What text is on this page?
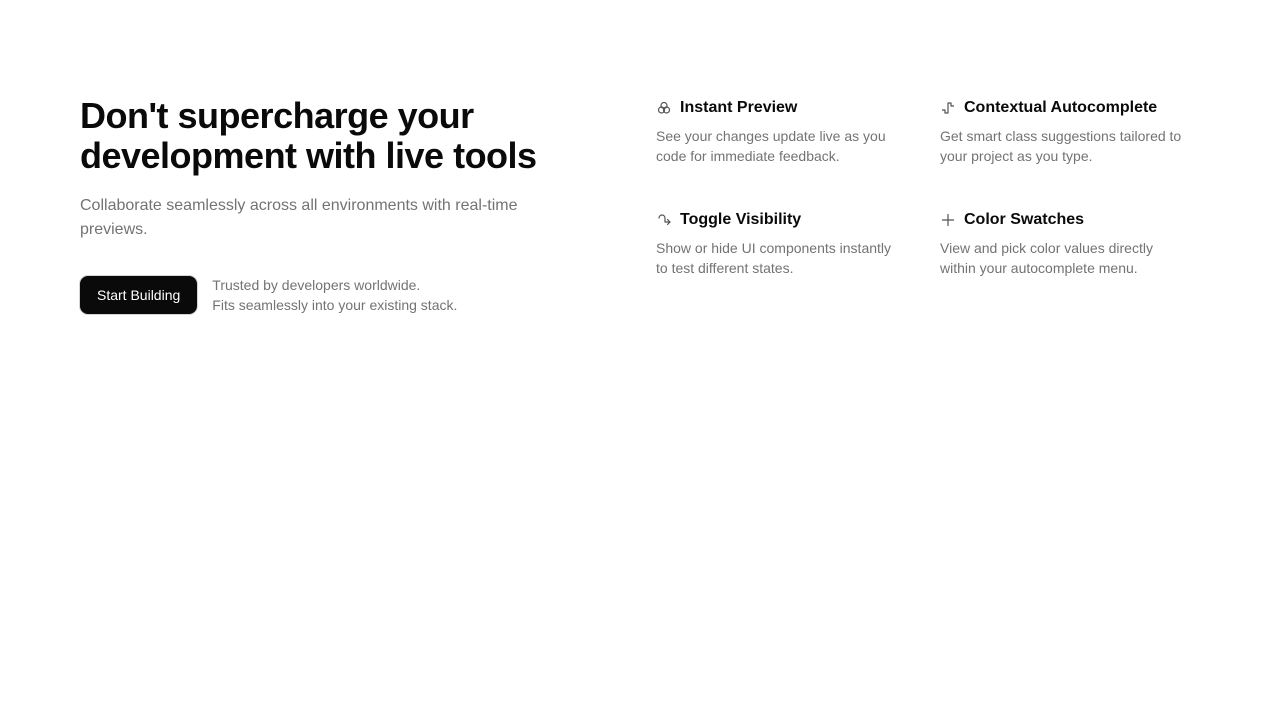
Don't supercharge your development with live tools

Collaborate seamlessly across all environments with real-time previews.

Start Building
Trusted by developers worldwide.
Fits seamlessly into your existing stack.
Instant Preview

See your changes update live as you code for immediate feedback.

Contextual Autocomplete

Get smart class suggestions tailored to your project as you type.

Toggle Visibility

Show or hide UI components instantly to test different states.

Color Swatches

View and pick color values directly within your autocomplete menu.
